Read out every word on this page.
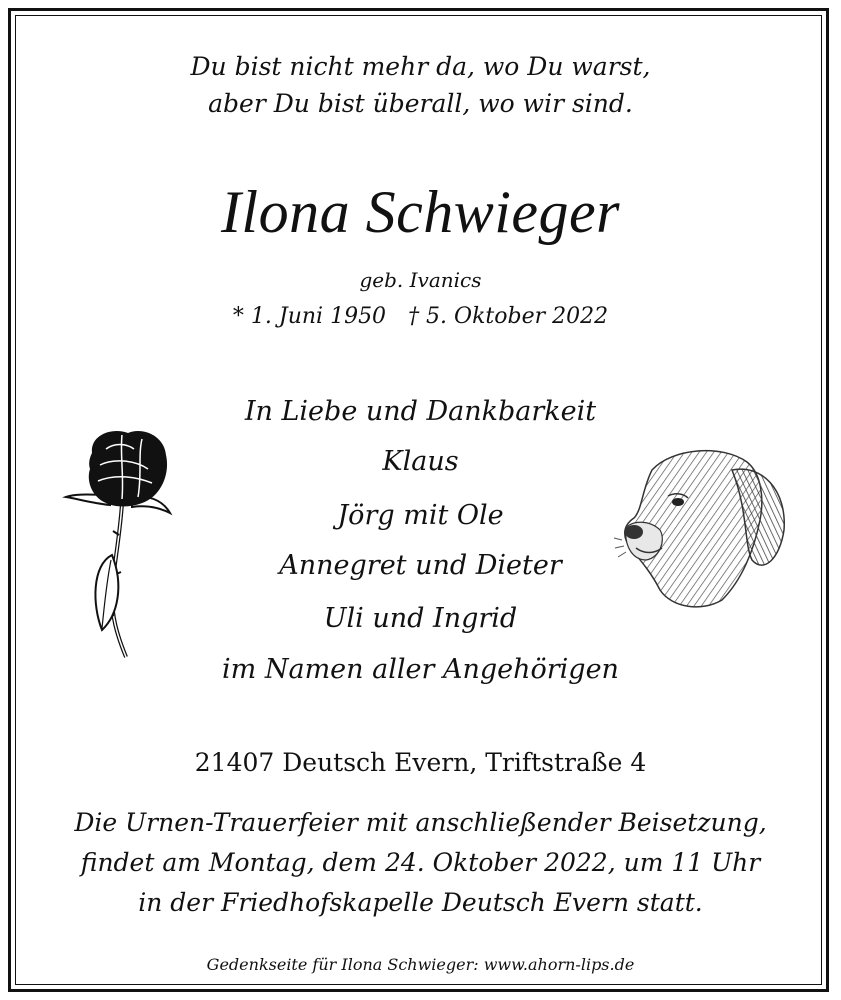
Du bist nicht mehr da, wo Du warst,
aber Du bist überall, wo wir sind.
Ilona Schwieger
geb. Ivanics
* 1. Juni 1950 † 5. Oktober 2022
In Liebe und Dankbarkeit
Klaus
Jörg mit Ole
Annegret und Dieter
Uli und Ingrid
im Namen aller Angehörigen
21407 Deutsch Evern, Triftstraße 4
Die Urnen-Trauerfeier mit anschließender Beisetzung,
findet am Montag, dem 24. Oktober 2022, um 11 Uhr
in der Friedhofskapelle Deutsch Evern statt.
Gedenkseite für Ilona Schwieger: www.ahorn-lips.de
